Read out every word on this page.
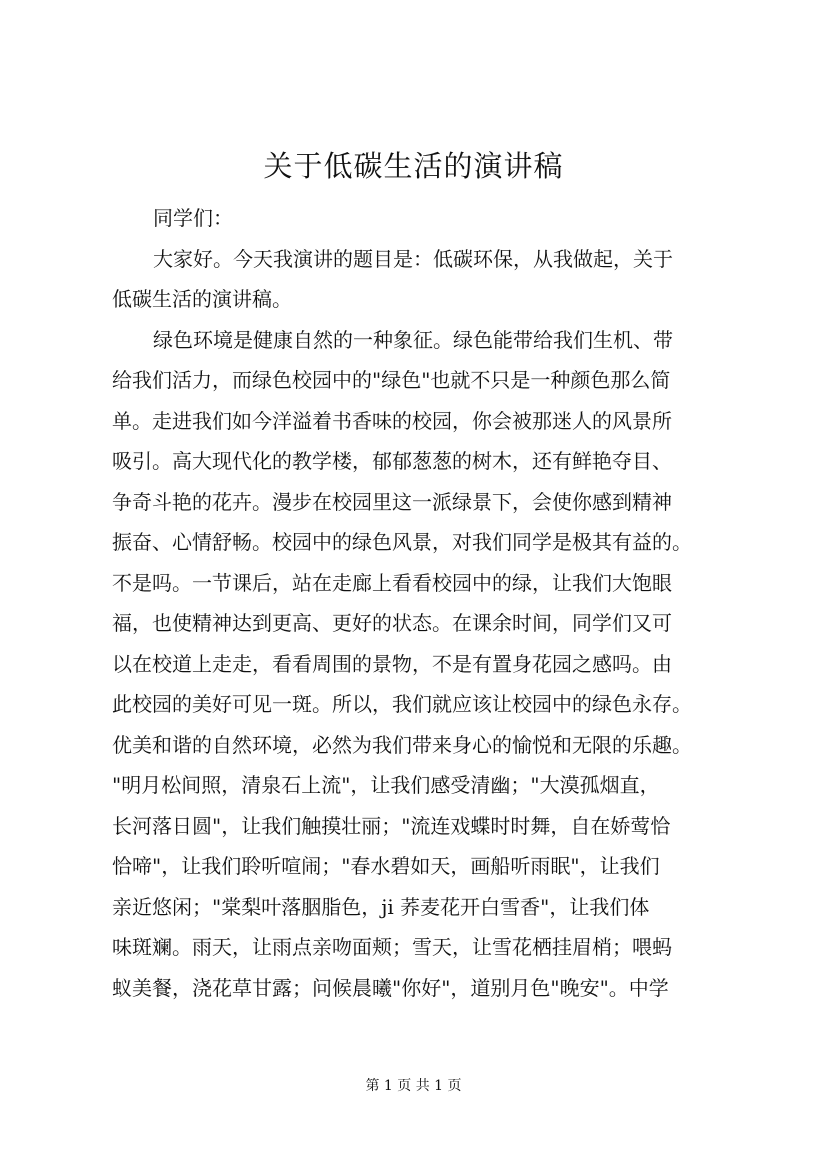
关于低碳生活的演讲稿
同学们：
大家好。今天我演讲的题目是：低碳环保，从我做起，关于
低碳生活的演讲稿。
绿色环境是健康自然的一种象征。绿色能带给我们生机、带
给我们活力，而绿色校园中的"绿色"也就不只是一种颜色那么简
单。走进我们如今洋溢着书香味的校园，你会被那迷人的风景所
吸引。高大现代化的教学楼，郁郁葱葱的树木，还有鲜艳夺目、
争奇斗艳的花卉。漫步在校园里这一派绿景下，会使你感到精神
振奋、心情舒畅。校园中的绿色风景，对我们同学是极其有益的。
不是吗。一节课后，站在走廊上看看校园中的绿，让我们大饱眼
福，也使精神达到更高、更好的状态。在课余时间，同学们又可
以在校道上走走，看看周围的景物，不是有置身花园之感吗。由
此校园的美好可见一斑。所以，我们就应该让校园中的绿色永存。
优美和谐的自然环境，必然为我们带来身心的愉悦和无限的乐趣。
"明月松间照，清泉石上流"，让我们感受清幽；"大漠孤烟直，
长河落日圆"，让我们触摸壮丽；"流连戏蝶时时舞，自在娇莺恰
恰啼"，让我们聆听喧闹；"春水碧如天，画船听雨眠"，让我们
亲近悠闲；"棠梨叶落胭脂色，ji 荞麦花开白雪香"，让我们体
味斑斓。雨天，让雨点亲吻面颊；雪天，让雪花栖挂眉梢；喂蚂
蚁美餐，浇花草甘露；问候晨曦"你好"，道别月色"晚安"。中学
第 1 页 共 1 页
